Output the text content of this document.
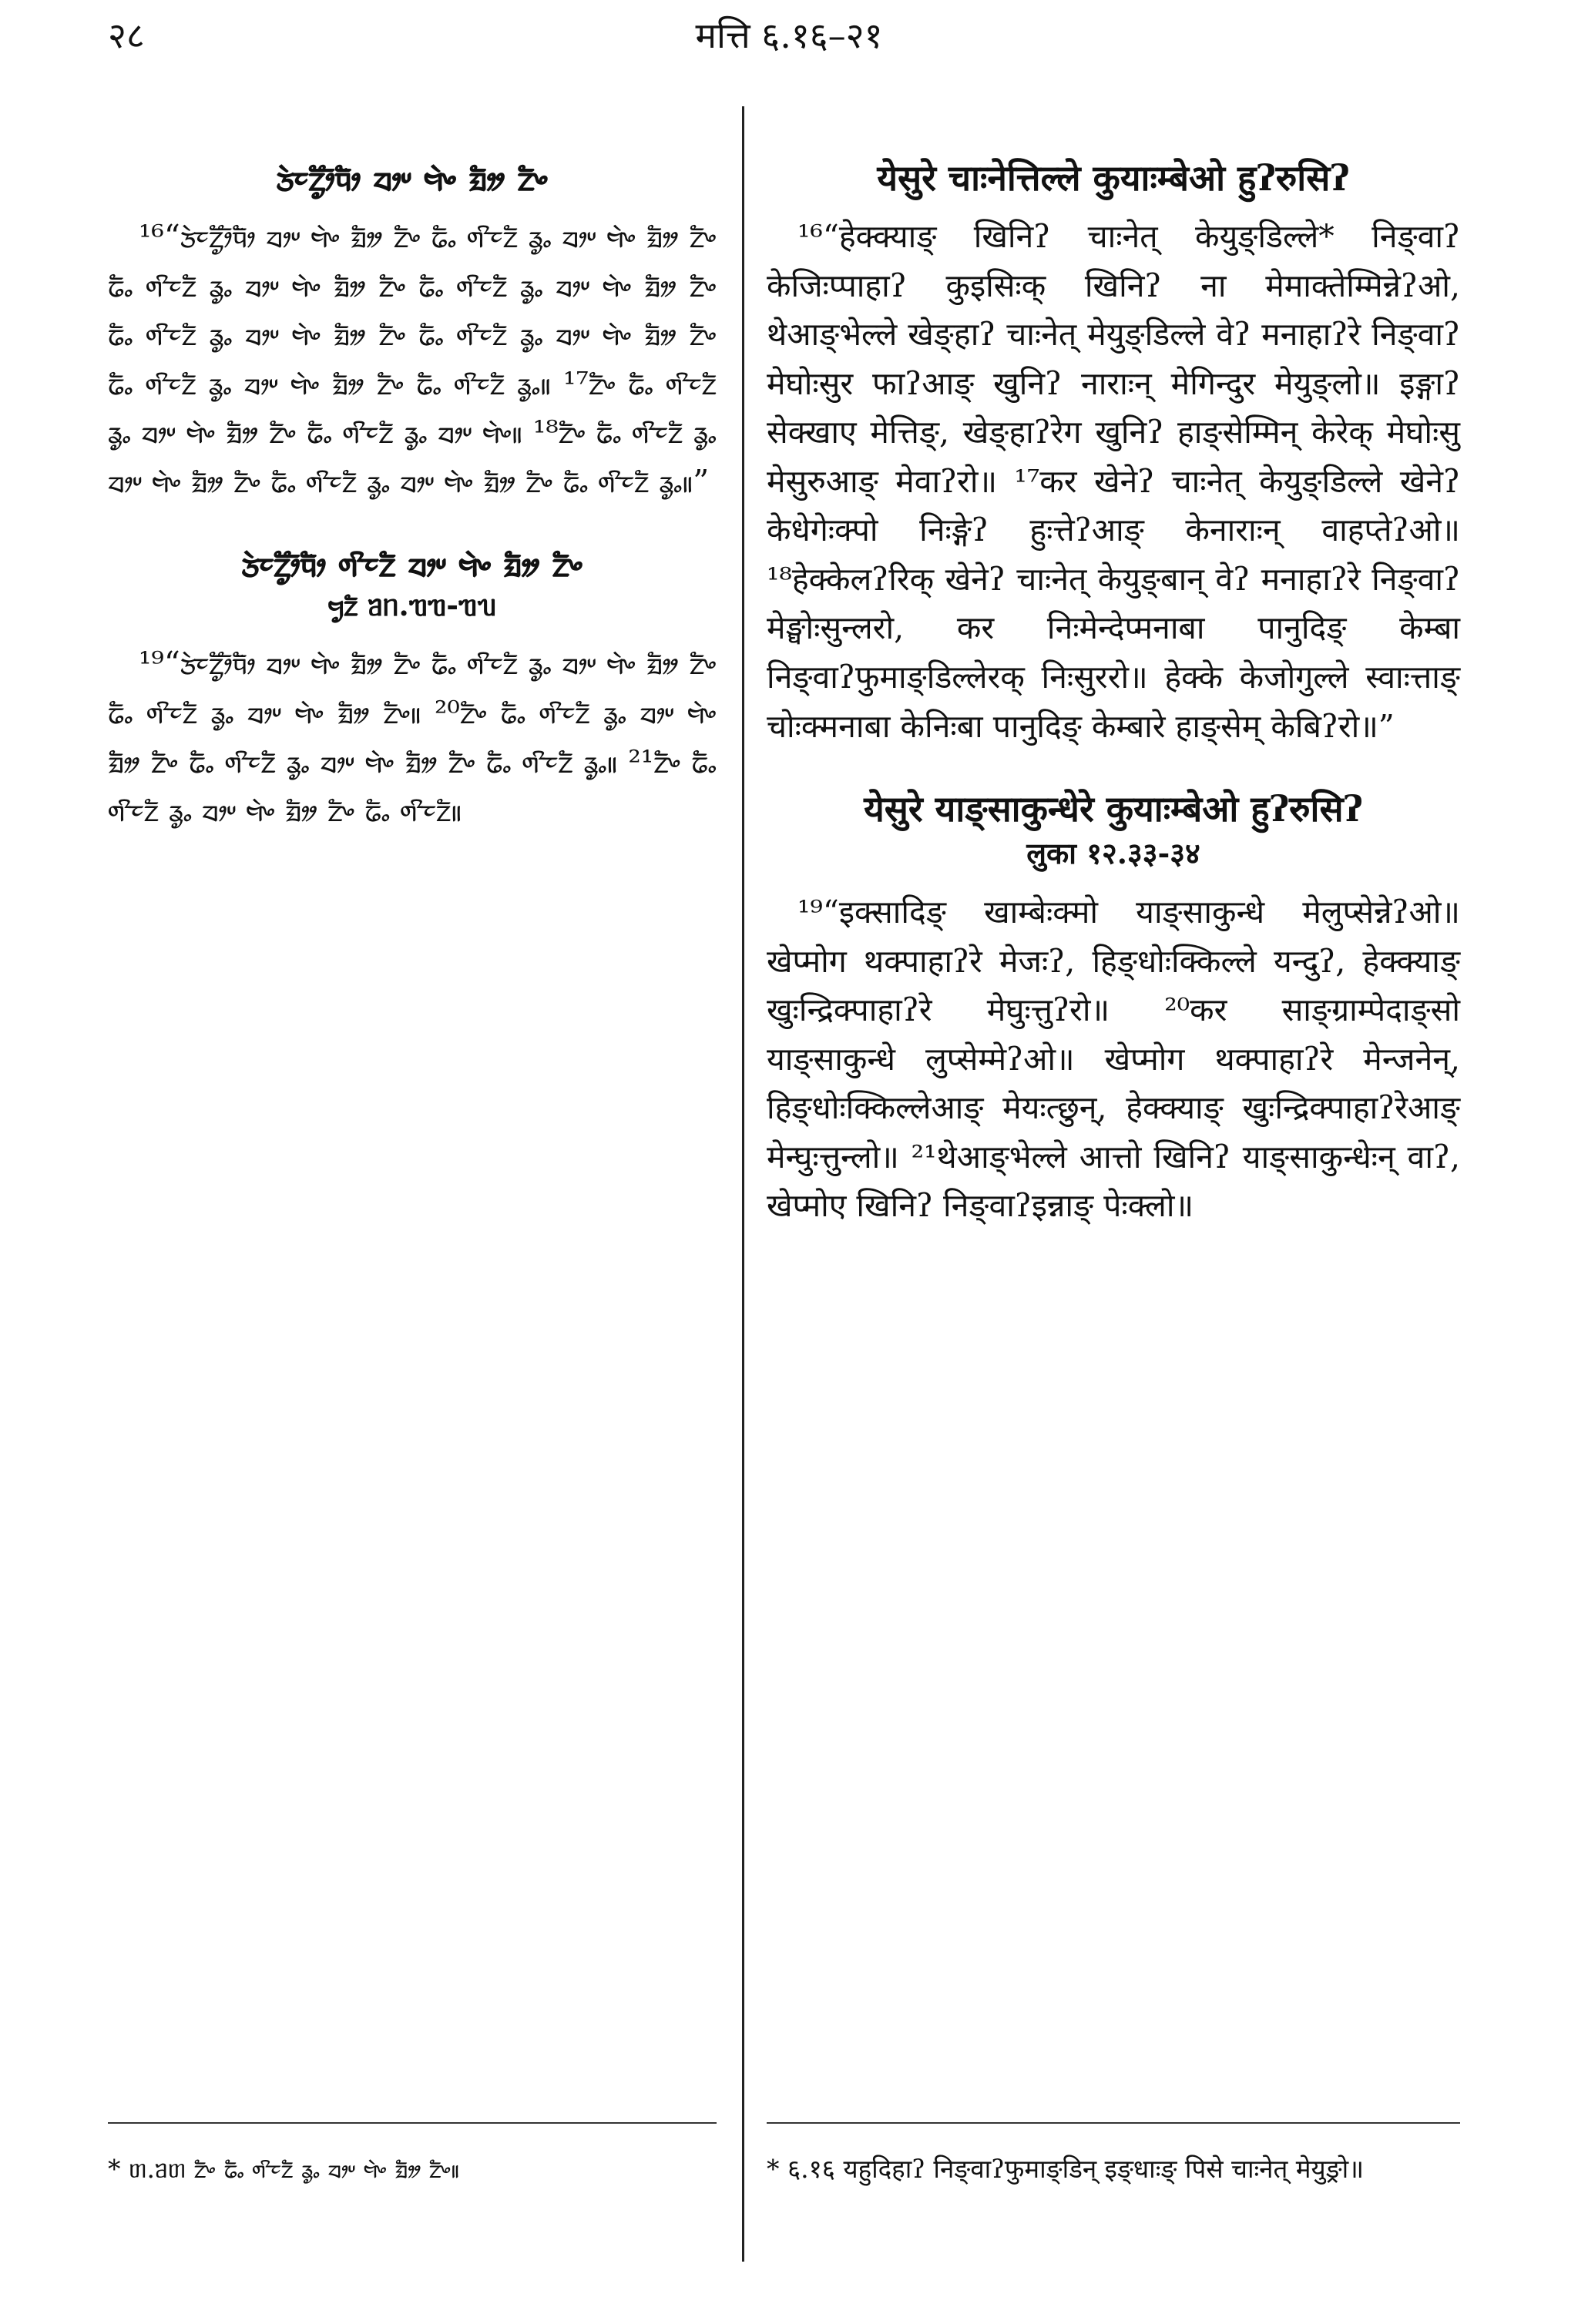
२८	मत्ति ६.१६–२१
ᤍᤧᤰᤁᤢᤥᤠᤄ᤺ᤥ ᤔᤣᤸ ᤗᤧᤴ ᤀᤦ ᤁᤠᤴ

¹⁶“ᤍᤧᤰᤁᤢᤥᤠᤄ᤺ᤥ ᤔᤣᤸ ᤗᤧᤴ ᤀᤦ ᤁᤠᤴ ᤒᤠᤱ ᤛᤡᤰᤁᤠ ᤕᤢᤱ ᤔᤣᤸ ᤗᤧᤴ ᤀᤦ ᤁᤠᤴ ᤒᤠᤱ ᤛᤡᤰᤁᤠ ᤕᤢᤱ ᤔᤣᤸ ᤗᤧᤴ ᤀᤦ ᤁᤠᤴ ᤒᤠᤱ ᤛᤡᤰᤁᤠ ᤕᤢᤱ ᤔᤣᤸ ᤗᤧᤴ ᤀᤦ ᤁᤠᤴ ᤒᤠᤱ ᤛᤡᤰᤁᤠ ᤕᤢᤱ ᤔᤣᤸ ᤗᤧᤴ ᤀᤦ ᤁᤠᤴ ᤒᤠᤱ ᤛᤡᤰᤁᤠ ᤕᤢᤱ ᤔᤣᤸ ᤗᤧᤴ ᤀᤦ ᤁᤠᤴ ᤒᤠᤱ ᤛᤡᤰᤁᤠ ᤕᤢᤱ ᤔᤣᤸ ᤗᤧᤴ ᤀᤦ ᤁᤠᤴ ᤒᤠᤱ ᤛᤡᤰᤁᤠ ᤕᤢᤱ॥ ¹⁷ᤁᤠᤴ ᤒᤠᤱ ᤛᤡᤰᤁᤠ ᤕᤢᤱ ᤔᤣᤸ ᤗᤧᤴ ᤀᤦ ᤁᤠᤴ ᤒᤠᤱ ᤛᤡᤰᤁᤠ ᤕᤢᤱ ᤔᤣᤸ ᤗᤧᤴ॥ ¹⁸ᤁᤠᤴ ᤒᤠᤱ ᤛᤡᤰᤁᤠ ᤕᤢᤱ ᤔᤣᤸ ᤗᤧᤴ ᤀᤦ ᤁᤠᤴ ᤒᤠᤱ ᤛᤡᤰᤁᤠ ᤕᤢᤱ ᤔᤣᤸ ᤗᤧᤴ ᤀᤦ ᤁᤠᤴ ᤒᤠᤱ ᤛᤡᤰᤁᤠ ᤕᤢᤱ॥”

ᤍᤧᤰᤁᤢᤥᤠᤄ᤺ᤥ ᤛᤡᤰᤁᤠ ᤔᤣᤸ ᤗᤧᤴ ᤀᤦ ᤁᤠᤴ
ᤗᤢᤁᤠ ᥑᥒ.ᥓᥓ-ᥓᥔ

¹⁹“ᤍᤧᤰᤁᤢᤥᤠᤄ᤺ᤥ ᤔᤣᤸ ᤗᤧᤴ ᤀᤦ ᤁᤠᤴ ᤒᤠᤱ ᤛᤡᤰᤁᤠ ᤕᤢᤱ ᤔᤣᤸ ᤗᤧᤴ ᤀᤦ ᤁᤠᤴ ᤒᤠᤱ ᤛᤡᤰᤁᤠ ᤕᤢᤱ ᤔᤣᤸ ᤗᤧᤴ ᤀᤦ ᤁᤠᤴ॥ ²⁰ᤁᤠᤴ ᤒᤠᤱ ᤛᤡᤰᤁᤠ ᤕᤢᤱ ᤔᤣᤸ ᤗᤧᤴ ᤀᤦ ᤁᤠᤴ ᤒᤠᤱ ᤛᤡᤰᤁᤠ ᤕᤢᤱ ᤔᤣᤸ ᤗᤧᤴ ᤀᤦ ᤁᤠᤴ ᤒᤠᤱ ᤛᤡᤰᤁᤠ ᤕᤢᤱ॥ ²¹ᤁᤠᤴ ᤒᤠᤱ ᤛᤡᤰᤁᤠ ᤕᤢᤱ ᤔᤣᤸ ᤗᤧᤴ ᤀᤦ ᤁᤠᤴ ᤒᤠᤱ ᤛᤡᤰᤁᤠ॥

येसुरे चाःनेत्तिल्ले कुयाःम्बेओ हुʔरुसिʔ

¹⁶“हेक्क्याङ् खिनिʔ चाःनेत् केयुङ्डिल्ले* निङ्वाʔ केजिःप्पाहाʔ कुइसिःक् खिनिʔ ना मेमाक्तेम्मिन्नेʔओ, थेआङ्भेल्ले खेङ्हाʔ चाःनेत् मेयुङ्डिल्ले वेʔ मनाहाʔरे निङ्वाʔ मेघोःसुर फाʔआङ् खुनिʔ नाराःन् मेगिन्दुर मेयुङ्लो॥ इङ्गाʔ सेक्खाए मेत्तिङ्, खेङ्हाʔरेग खुनिʔ हाङ्सेम्मिन् केरेक् मेघोःसु मेसुरुआङ् मेवाʔरो॥ ¹⁷कर खेनेʔ चाःनेत् केयुङ्डिल्ले खेनेʔ केधेगेःक्पो निःङ्गेʔ हुःत्तेʔआङ् केनाराःन् वाहप्तेʔओ॥ ¹⁸हेक्केलʔरिक् खेनेʔ चाःनेत् केयुङ्बान् वेʔ मनाहाʔरे निङ्वाʔ मेङ्घोःसुन्लरो, कर निःमेन्देप्मनाबा पानुदिङ् केम्बा निङ्वाʔफुमाङ्डिल्लेरक् निःसुररो॥ हेक्के केजोगुल्ले स्वाःत्ताङ् चोःक्मनाबा केनिःबा पानुदिङ् केम्बारे हाङ्सेम् केबिʔरो॥”

येसुरे याङ्साकुन्धेरे कुयाःम्बेओ हुʔरुसिʔ
लुका १२.३३-३४

¹⁹“इक्सादिङ् खाम्बेःक्मो याङ्साकुन्धे मेलुप्सेन्नेʔओ॥ खेप्मोग थक्पाहाʔरे मेजःʔ, हिङ्धोःक्किल्ले यन्दुʔ, हेक्क्याङ् खुःन्द्रिक्पाहाʔरे मेघुःत्तुʔरो॥ ²⁰कर साङ्ग्राम्पेदाङ्सो याङ्साकुन्धे लुप्सेम्मेʔओ॥ खेप्मोग थक्पाहाʔरे मेन्जनेन्, हिङ्धोःक्किल्लेआङ् मेयःत्छुन्, हेक्क्याङ् खुःन्द्रिक्पाहाʔरेआङ् मेन्घुःत्तुन्लो॥ ²¹थेआङ्भेल्ले आत्तो खिनिʔ याङ्साकुन्धेःन् वाʔ, खेप्मोए खिनिʔ निङ्वाʔइन्नाङ् पेःक्लो॥

* ᥖ.ᥑᥖ ᤁᤠᤴ ᤒᤠᤱ ᤛᤡᤰᤁᤠ ᤕᤢᤱ ᤔᤣᤸ ᤗᤧᤴ ᤀᤦ ᤁᤠᤴ॥	* ६.१६ यहुदिहाʔ निङ्वाʔफुमाङ्डिन् इङ्धाःङ् पिसे चाःनेत् मेयुङ्रो॥
